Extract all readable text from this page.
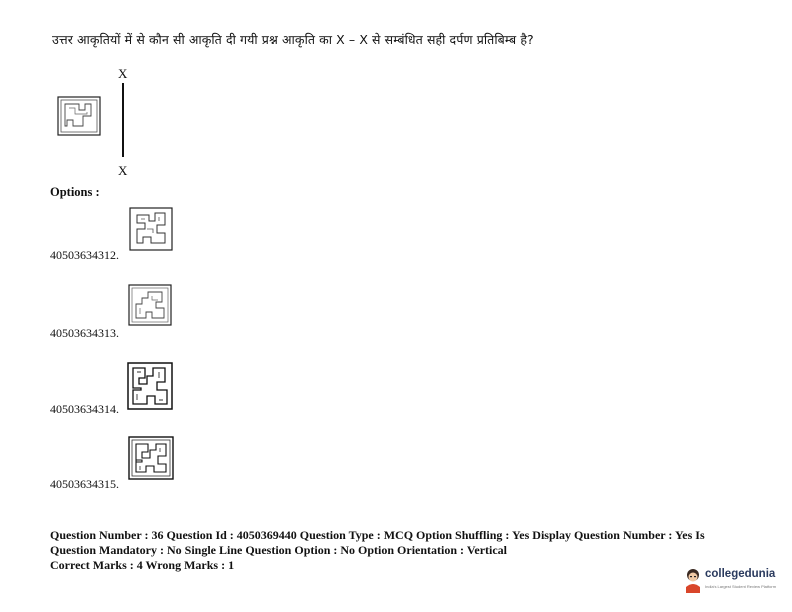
उत्तर आकृतियों में से कौन सी आकृति दी गयी प्रश्न आकृति का X – X से सम्बंधित सही दर्पण प्रतिबिम्ब है?
X
X
Options :
40503634312.
40503634313.
40503634314.
40503634315.
Question Number : 36 Question Id : 4050369440 Question Type : MCQ Option Shuffling : Yes Display Question Number : Yes Is
Question Mandatory : No Single Line Question Option : No Option Orientation : Vertical
Correct Marks : 4 Wrong Marks : 1
collegedunia
India's Largest Student Review Platform
